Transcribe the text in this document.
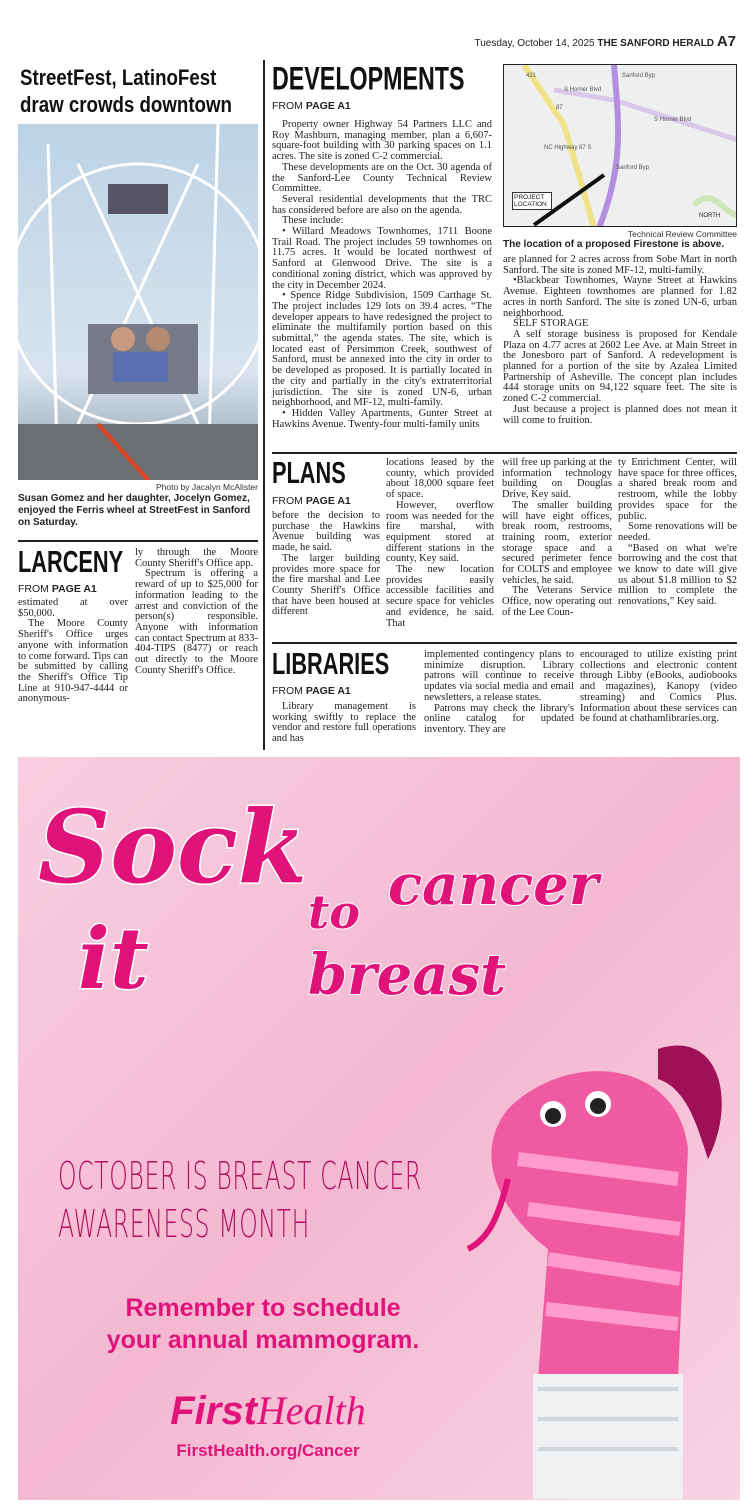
Tuesday, October 14, 2025 THE SANFORD HERALD A7
StreetFest, LatinoFest draw crowds downtown
Photo by Jacalyn McAlister
Susan Gomez and her daughter, Jocelyn Gomez, enjoyed the Ferris wheel at StreetFest in Sanford on Saturday.
LARCENY
FROM PAGE A1

estimated at over $50,000.

The Moore County Sheriff's Office urges anyone with information to come forward. Tips can be submitted by calling the Sheriff's Office Tip Line at 910-947-4444 or anonymous-

ly through the Moore County Sheriff's Office app.

Spectrum is offering a reward of up to $25,000 for information leading to the arrest and conviction of the person(s) responsible. Anyone with information can contact Spectrum at 833-404-TIPS (8477) or reach out directly to the Moore County Sheriff's Office.

DEVELOPMENTS
FROM PAGE A1

Property owner Highway 54 Partners LLC and Roy Mashburn, managing member, plan a 6,607-square-foot building with 30 parking spaces on 1.1 acres. The site is zoned C-2 commercial.

These developments are on the Oct. 30 agenda of the Sanford-Lee County Technical Review Committee.

Several residential developments that the TRC has considered before are also on the agenda.

These include:

• Willard Meadows Townhomes, 1711 Boone Trail Road. The project includes 59 townhomes on 11.75 acres. It would be located northwest of Sanford at Glenwood Drive. The site is a conditional zoning district, which was approved by the city in December 2024.

• Spence Ridge Subdivision, 1509 Carthage St. The project includes 129 lots on 39.4 acres. “The developer appears to have redesigned the project to eliminate the multifamily portion based on this submittal,” the agenda states. The site, which is located east of Persimmon Creek, southwest of Sanford, must be annexed into the city in order to be developed as proposed. It is partially located in the city and partially in the city's extraterritorial jurisdiction. The site is zoned UN-6, urban neighborhood, and MF-12, multi-family.

• Hidden Valley Apartments, Gunter Street at Hawkins Avenue. Twenty-four multi-family units

S Horner Blvd
S Horner Blvd
Sanford Byp
Sanford Byp
NC Highway 87 S
421
87
PROJECT LOCATION
NORTH
Technical Review Committee
The location of a proposed Firestone is above.

are planned for 2 acres across from Sobe Mart in north Sanford. The site is zoned MF-12, multi-family.

•Blackbear Townhomes, Wayne Street at Hawkins Avenue. Eighteen townhomes are planned for 1.82 acres in north Sanford. The site is zoned UN-6, urban neighborhood.

SELF STORAGE

A self storage business is proposed for Kendale Plaza on 4.77 acres at 2602 Lee Ave. at Main Street in the Jonesboro part of Sanford. A redevelopment is planned for a portion of the site by Azalea Limited Partnership of Asheville. The concept plan includes 444 storage units on 94,122 square feet. The site is zoned C-2 commercial.

Just because a project is planned does not mean it will come to fruition.

PLANS
FROM PAGE A1

before the decision to purchase the Hawkins Avenue building was made, he said.

The larger building provides more space for the fire marshal and Lee County Sheriff's Office that have been housed at different

locations leased by the county, which provided about 18,000 square feet of space.

However, overflow room was needed for the fire marshal, with equipment stored at different stations in the county, Key said.

The new location provides easily accessible facilities and secure space for vehicles and evidence, he said. That

will free up parking at the information technology building on Douglas Drive, Key said.

The smaller building will have eight offices, break room, restrooms, training room, exterior storage space and a secured perimeter fence for COLTS and employee vehicles, he said.

The Veterans Service Office, now operating out of the Lee Coun-

ty Enrichment Center, will have space for three offices, a shared break room and restroom, while the lobby provides space for the public.

Some renovations will be needed.

“Based on what we're borrowing and the cost that we know to date will give us about $1.8 million to $2 million to complete the renovations,” Key said.

LIBRARIES
FROM PAGE A1

Library management is working swiftly to replace the vendor and restore full operations and has

implemented contingency plans to minimize disruption. Library patrons will continue to receive updates via social media and email newsletters, a release states.

Patrons may check the library's online catalog for updated inventory. They are

encouraged to utilize existing print collections and electronic content through Libby (eBooks, audiobooks and magazines), Kanopy (video streaming) and Comics Plus. Information about these services can be found at chathamlibraries.org.

Sock
it	to
breast
cancer
OCTOBER IS BREAST CANCER
AWARENESS MONTH
Remember to schedule
your annual mammogram.
FirstHealth
FirstHealth.org/Cancer
